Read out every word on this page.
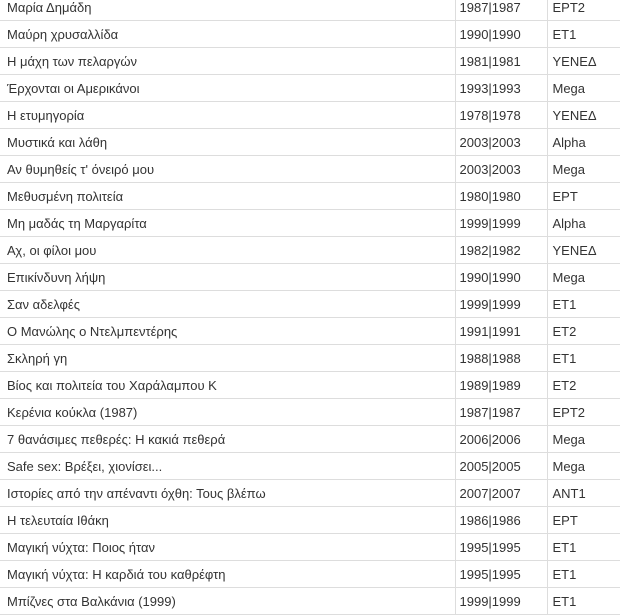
Μαρία Δημάδη	1987|1987	ΕΡΤ2
Μαύρη χρυσαλλίδα	1990|1990	ΕΤ1
Η μάχη των πελαργών	1981|1981	ΥΕΝΕΔ
Έρχονται οι Αμερικάνοι	1993|1993	Mega
Η ετυμηγορία	1978|1978	ΥΕΝΕΔ
Μυστικά και λάθη	2003|2003	Alpha
Αν θυμηθείς τ' όνειρό μου	2003|2003	Mega
Μεθυσμένη πολιτεία	1980|1980	ΕΡΤ
Μη μαδάς τη Μαργαρίτα	1999|1999	Alpha
Αχ, οι φίλοι μου	1982|1982	ΥΕΝΕΔ
Επικίνδυνη λήψη	1990|1990	Mega
Σαν αδελφές	1999|1999	ΕΤ1
Ο Μανώλης ο Ντελμπεντέρης	1991|1991	ΕΤ2
Σκληρή γη	1988|1988	ΕΤ1
Βίος και πολιτεία του Χαράλαμπου Κ	1989|1989	ΕΤ2
Κερένια κούκλα (1987)	1987|1987	ΕΡΤ2
7 θανάσιμες πεθερές: Η κακιά πεθερά	2006|2006	Mega
Safe sex: Βρέξει, χιονίσει...	2005|2005	Mega
Ιστορίες από την απέναντι όχθη: Τους βλέπω	2007|2007	ΑΝΤ1
Η τελευταία Ιθάκη	1986|1986	ΕΡΤ
Μαγική νύχτα: Ποιος ήταν	1995|1995	ΕΤ1
Μαγική νύχτα: Η καρδιά του καθρέφτη	1995|1995	ΕΤ1
Μπίζνες στα Βαλκάνια (1999)	1999|1999	ΕΤ1
